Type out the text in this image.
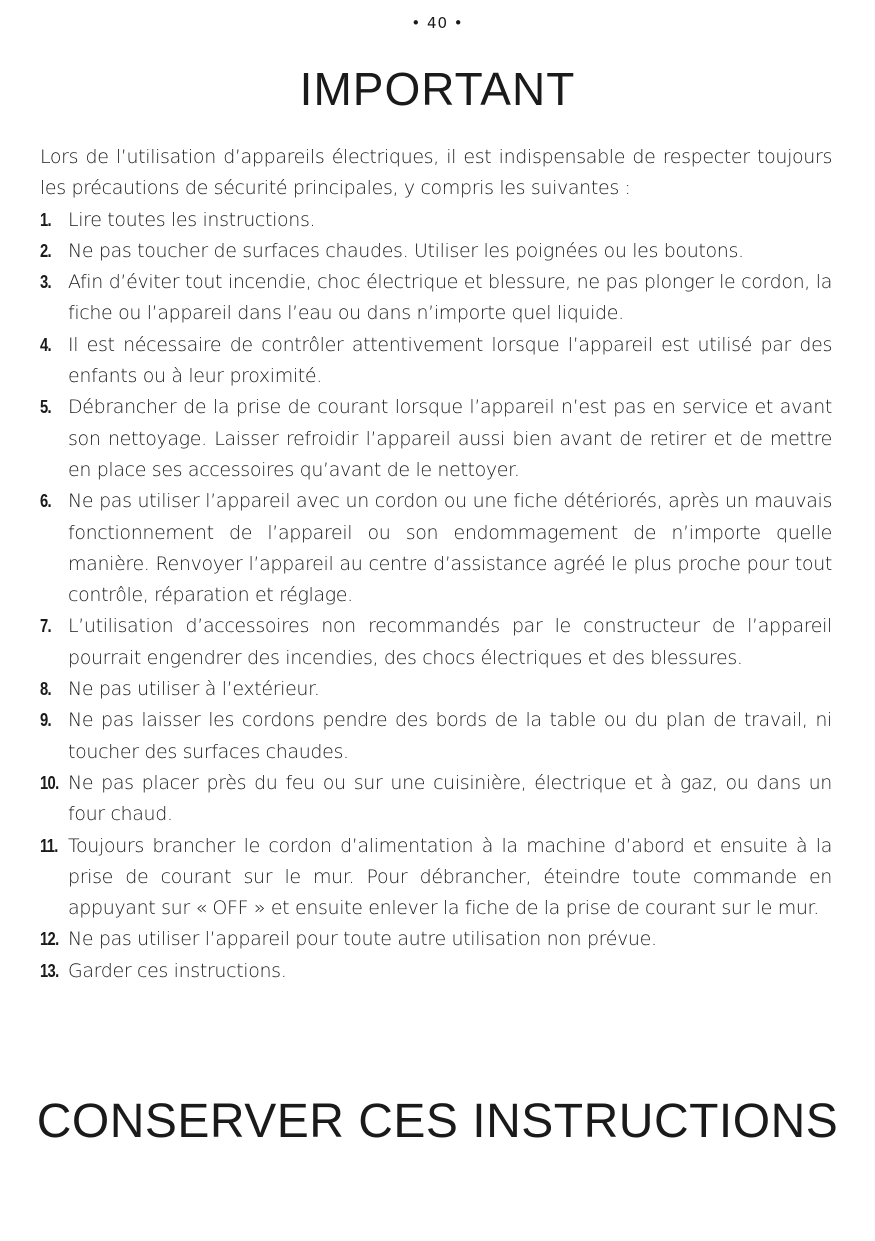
• 40 •
IMPORTANT

Lors de l’utilisation d’appareils électriques, il est indispensable de respecter toujours les précautions de sécurité principales, y compris les suivantes :

1. Lire toutes les instructions.
2. Ne pas toucher de surfaces chaudes. Utiliser les poignées ou les boutons.
3. Afin d’éviter tout incendie, choc électrique et blessure, ne pas plonger le cordon, la fiche ou l’appareil dans l’eau ou dans n’importe quel liquide.
4. Il est nécessaire de contrôler attentivement lorsque l’appareil est utilisé par des enfants ou à leur proximité.
5. Débrancher de la prise de courant lorsque l’appareil n’est pas en service et avant son nettoyage. Laisser refroidir l’appareil aussi bien avant de retirer et de mettre en place ses accessoires qu’avant de le nettoyer.
6. Ne pas utiliser l’appareil avec un cordon ou une fiche détériorés, après un mauvais fonctionnement de l’appareil ou son endommagement de n’importe quelle manière. Renvoyer l’appareil au centre d’assistance agréé le plus proche pour tout contrôle, réparation et réglage.
7. L’utilisation d’accessoires non recommandés par le constructeur de l’appareil pourrait engendrer des incendies, des chocs électriques et des blessures.
8. Ne pas utiliser à l’extérieur.
9. Ne pas laisser les cordons pendre des bords de la table ou du plan de travail, ni toucher des surfaces chaudes.
10. Ne pas placer près du feu ou sur une cuisinière, électrique et à gaz, ou dans un four chaud.
11. Toujours brancher le cordon d’alimentation à la machine d’abord et ensuite à la prise de courant sur le mur. Pour débrancher, éteindre toute commande en appuyant sur « OFF » et ensuite enlever la fiche de la prise de courant sur le mur.
12. Ne pas utiliser l’appareil pour toute autre utilisation non prévue.
13. Garder ces instructions.
CONSERVER CES INSTRUCTIONS
